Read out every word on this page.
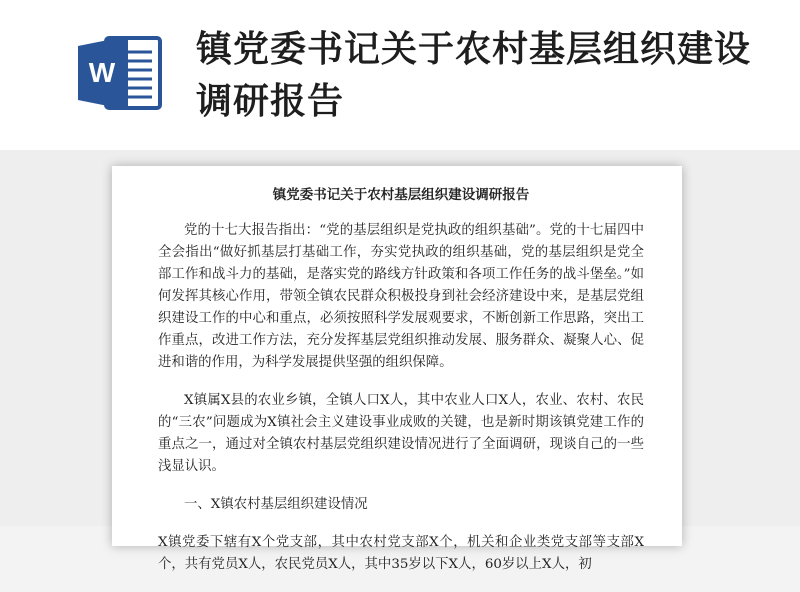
W
镇党委书记关于农村基层组织建设调研报告
镇党委书记关于农村基层组织建设调研报告

党的十七大报告指出：“党的基层组织是党执政的组织基础”。党的十七届四中全会指出“做好抓基层打基础工作，夯实党执政的组织基础，党的基层组织是党全部工作和战斗力的基础，是落实党的路线方针政策和各项工作任务的战斗堡垒。”如何发挥其核心作用，带领全镇农民群众积极投身到社会经济建设中来，是基层党组织建设工作的中心和重点，必须按照科学发展观要求，不断创新工作思路，突出工作重点，改进工作方法，充分发挥基层党组织推动发展、服务群众、凝聚人心、促进和谐的作用，为科学发展提供坚强的组织保障。

X镇属X县的农业乡镇，全镇人口X人，其中农业人口X人，农业、农村、农民的“三农”问题成为X镇社会主义建设事业成败的关键，也是新时期该镇党建工作的重点之一，通过对全镇农村基层党组织建设情况进行了全面调研，现谈自己的一些浅显认识。

一、X镇农村基层组织建设情况

X镇党委下辖有X个党支部，其中农村党支部X个，机关和企业类党支部等支部X个，共有党员X人，农民党员X人，其中35岁以下X人，60岁以上X人，初
